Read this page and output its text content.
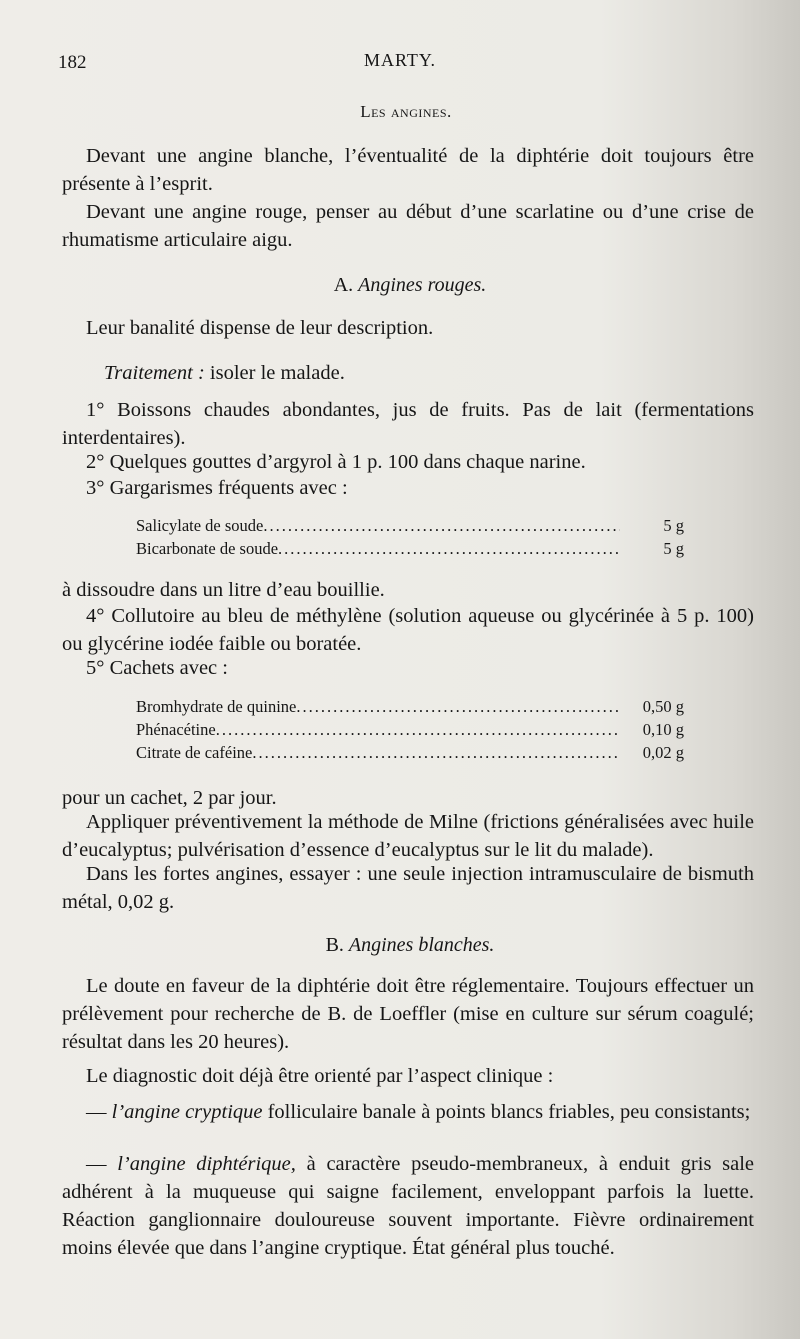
182	MARTY.
Les angines.
Devant une angine blanche, l’éventualité de la diphtérie doit toujours être présente à l’esprit.
Devant une angine rouge, penser au début d’une scarlatine ou d’une crise de rhumatisme articulaire aigu.
A. Angines rouges.
Leur banalité dispense de leur description.
Traitement : isoler le malade.
1° Boissons chaudes abondantes, jus de fruits. Pas de lait (fermentations interdentaires).
2° Quelques gouttes d’argyrol à 1 p. 100 dans chaque narine.
3° Gargarismes fréquents avec :
Salicylate de soude .....	5 g
Bicarbonate de soude .....	5 g
à dissoudre dans un litre d’eau bouillie.
4° Collutoire au bleu de méthylène (solution aqueuse ou glycérinée à 5 p. 100) ou glycérine iodée faible ou boratée.
5° Cachets avec :
Bromhydrate de quinine .....	0,50 g
Phénacétine .....	0,10 g
Citrate de caféine .....	0,02 g
pour un cachet, 2 par jour.
Appliquer préventivement la méthode de Milne (frictions généralisées avec huile d’eucalyptus; pulvérisation d’essence d’eucalyptus sur le lit du malade).
Dans les fortes angines, essayer : une seule injection intramusculaire de bismuth métal, 0,02 g.
B. Angines blanches.
Le doute en faveur de la diphtérie doit être réglementaire. Toujours effectuer un prélèvement pour recherche de B. de Loeffler (mise en culture sur sérum coagulé; résultat dans les 20 heures).
Le diagnostic doit déjà être orienté par l’aspect clinique :
— l’angine cryptique folliculaire banale à points blancs friables, peu consistants;
— l’angine diphtérique, à caractère pseudo-membraneux, à enduit gris sale adhérent à la muqueuse qui saigne facilement, enveloppant parfois la luette. Réaction ganglionnaire douloureuse souvent importante. Fièvre ordinairement moins élevée que dans l’angine cryptique. État général plus touché.
